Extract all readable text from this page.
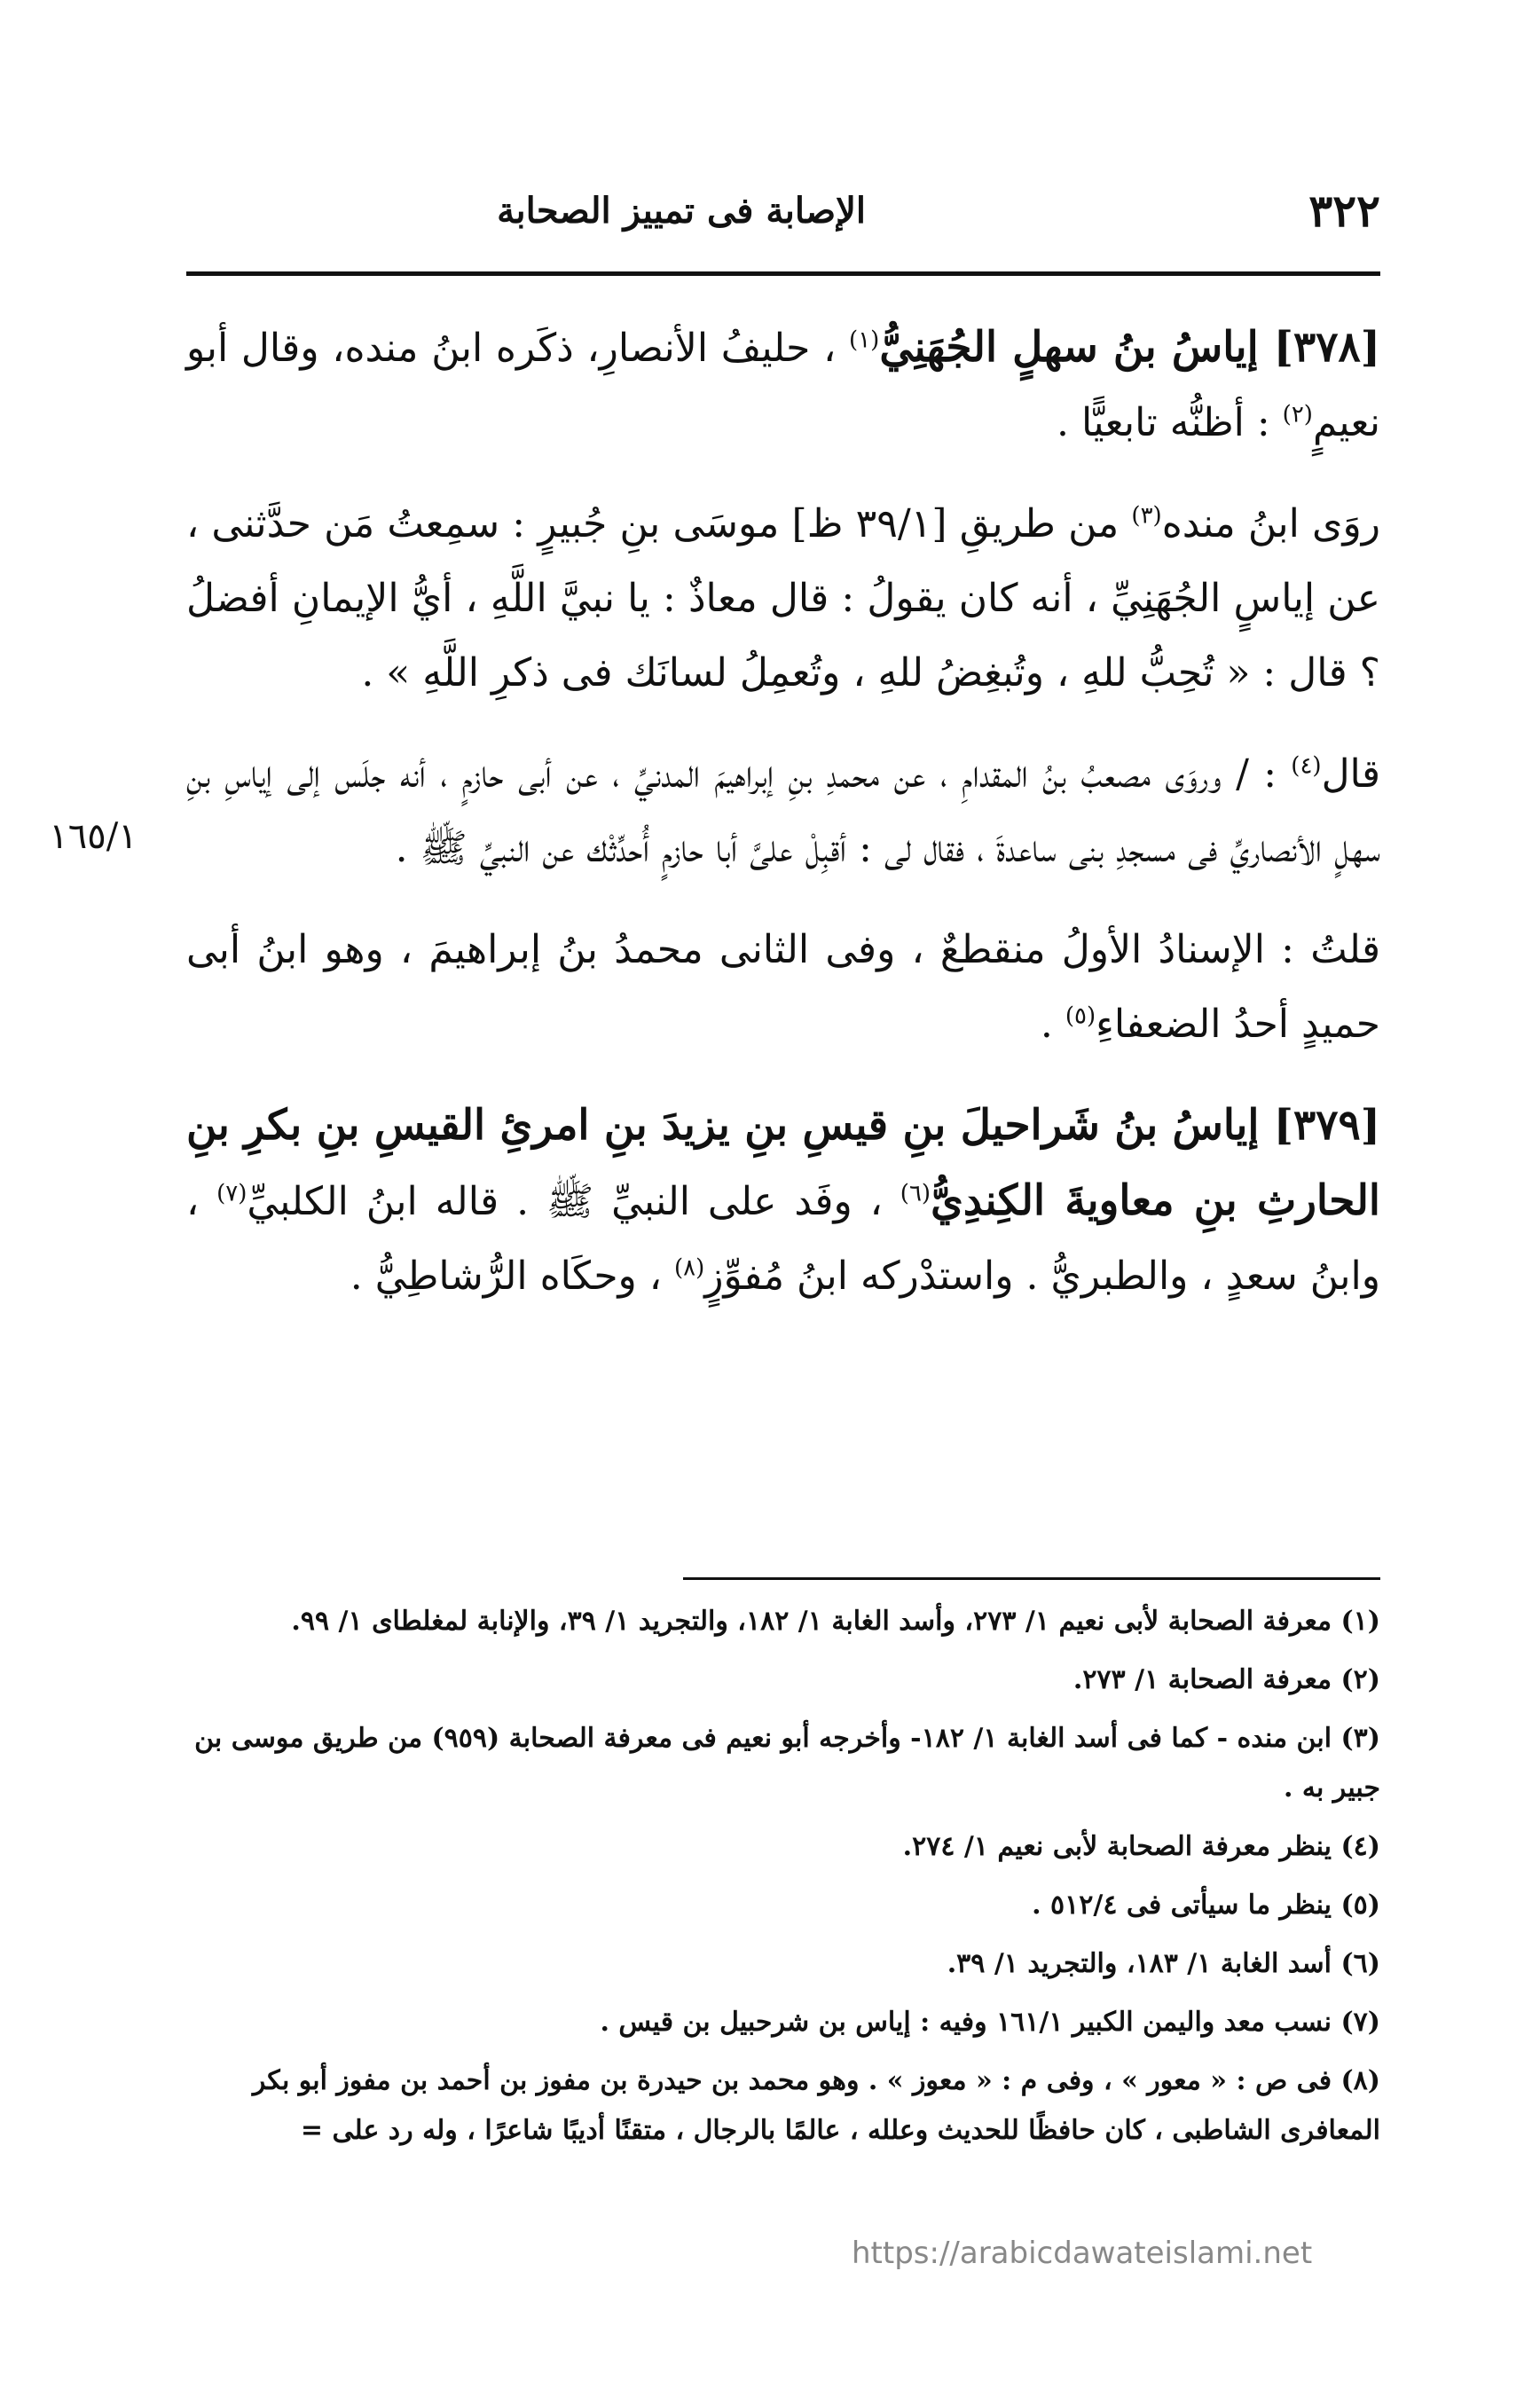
٣٢٢
الإصابة فى تمييز الصحابة
١٦٥/١

[٣٧٨] إياسُ بنُ سهلٍ الجُهَنِيُّ$^{(١)}$ ، حليفُ الأنصارِ، ذكَره ابنُ منده، وقال أبو نعيمٍ$^{(٢)}$ : أظنُّه تابعيًّا .

روَى ابنُ منده$^{(٣)}$ من طريقِ [٣٩/١ ظ] موسَى بنِ جُبيرٍ : سمِعتُ مَن حدَّثنى ، عن إياسٍ الجُهَنِيِّ ، أنه كان يقولُ : قال معاذٌ : يا نبيَّ اللَّهِ ، أيُّ الإيمانِ أفضلُ ؟ قال : « تُحِبُّ للهِ ، وتُبغِضُ للهِ ، وتُعمِلُ لسانَك فى ذكرِ اللَّهِ » .

قال$^{(٤)}$ : / وروَى مصعبُ بنُ المقدامِ ، عن محمدِ بنِ إبراهيمَ المدنيِّ ، عن أبى حازمٍ ، أنه جلَس إلى إياسِ بنِ سهلٍ الأنصاريِّ فى مسجدِ بنى ساعدةَ ، فقال لى : أقبِلْ علىَّ أبا حازمٍ أُحدِّثْك عن النبيِّ ﷺ .

قلتُ : الإسنادُ الأولُ منقطعٌ ، وفى الثانى محمدُ بنُ إبراهيمَ ، وهو ابنُ أبى حميدٍ أحدُ الضعفاءِ$^{(٥)}$ .

[٣٧٩] إياسُ بنُ شَراحيلَ بنِ قيسِ بنِ يزيدَ بنِ امرئِ القيسِ بنِ بكرِ بنِ الحارثِ بنِ معاويةَ الكِندِيُّ$^{(٦)}$ ، وفَد على النبيِّ ﷺ . قاله ابنُ الكلبيِّ$^{(٧)}$ ، وابنُ سعدٍ ، والطبريُّ . واستدْركه ابنُ مُفوِّزٍ$^{(٨)}$ ، وحكَاه الرُّشاطِيُّ .

(١) معرفة الصحابة لأبى نعيم ١/ ٢٧٣، وأسد الغابة ١/ ١٨٢، والتجريد ١/ ٣٩، والإنابة لمغلطاى ١/ ٩٩.

(٢) معرفة الصحابة ١/ ٢٧٣.

(٣) ابن منده - كما فى أسد الغابة ١/ ١٨٢- وأخرجه أبو نعيم فى معرفة الصحابة (٩٥٩) من طريق موسى بن جبير به .

(٤) ينظر معرفة الصحابة لأبى نعيم ١/ ٢٧٤.

(٥) ينظر ما سيأتى فى ٥١٢/٤ .

(٦) أسد الغابة ١/ ١٨٣، والتجريد ١/ ٣٩.

(٧) نسب معد واليمن الكبير ١٦١/١ وفيه : إياس بن شرحبيل بن قيس .

(٨) فى ص : « معور » ، وفى م : « معوز » . وهو محمد بن حيدرة بن مفوز بن أحمد بن مفوز أبو بكر المعافرى الشاطبى ، كان حافظًا للحديث وعلله ، عالمًا بالرجال ، متقنًا أديبًا شاعرًا ، وله رد على =

https://arabicdawateislami.net
